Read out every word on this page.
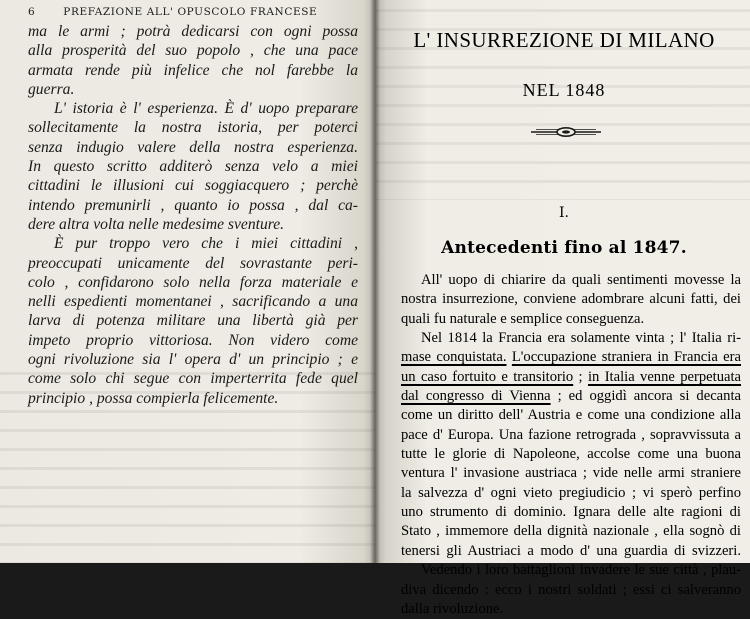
6	PREFAZIONE ALL' OPUSCOLO FRANCESE
ma le armi ; potrà dedicarsi con ogni possa
alla prosperità del suo popolo , che una pace
armata rende più infelice che nol farebbe la
guerra.
L' istoria è l' esperienza. È d' uopo preparare
sollecitamente la nostra istoria, per poterci
senza indugio valere della nostra esperienza.
In questo scritto additerò senza velo a miei
cittadini le illusioni cui soggiacquero ; perchè
intendo premunirli , quanto io possa , dal ca-
dere altra volta nelle medesime sventure.
È pur troppo vero che i miei cittadini ,
preoccupati unicamente del sovrastante peri-
colo , confidarono solo nella forza materiale e
nelli espedienti momentanei , sacrificando a una
larva di potenza militare una libertà già per
impeto proprio vittoriosa. Non videro come
ogni rivoluzione sia l' opera d' un principio ; e
come solo chi segue con imperterrita fede quel
principio , possa compierla felicemente.
L' INSURREZIONE DI MILANO
NEL 1848
I.
Antecedenti fino al 1847.
All' uopo di chiarire da quali sentimenti movesse la
nostra insurrezione, conviene adombrare alcuni fatti, dei
quali fu naturale e semplice conseguenza.
Nel 1814 la Francia era solamente vinta ; l' Italia ri-
mase conquistata. L'occupazione straniera in Francia era
un caso fortuito e transitorio ; in Italia venne perpetuata
dal congresso di Vienna ; ed oggidì ancora si decanta
come un diritto dell' Austria e come una condizione alla
pace d' Europa. Una fazione retrograda , sopravvissuta a
tutte le glorie di Napoleone, accolse come una buona
ventura l' invasione austriaca ; vide nelle armi straniere
la salvezza d' ogni vieto pregiudicio ; vi sperò perfino
uno strumento di dominio. Ignara delle alte ragioni di
Stato , immemore della dignità nazionale , ella sognò di
tenersi gli Austriaci a modo d' una guardia di svizzeri.
Vedendo i loro battaglioni invadere le sue città , plau-
diva dicendo : ecco i nostri soldati ; essi ci salveranno
dalla rivoluzione.
